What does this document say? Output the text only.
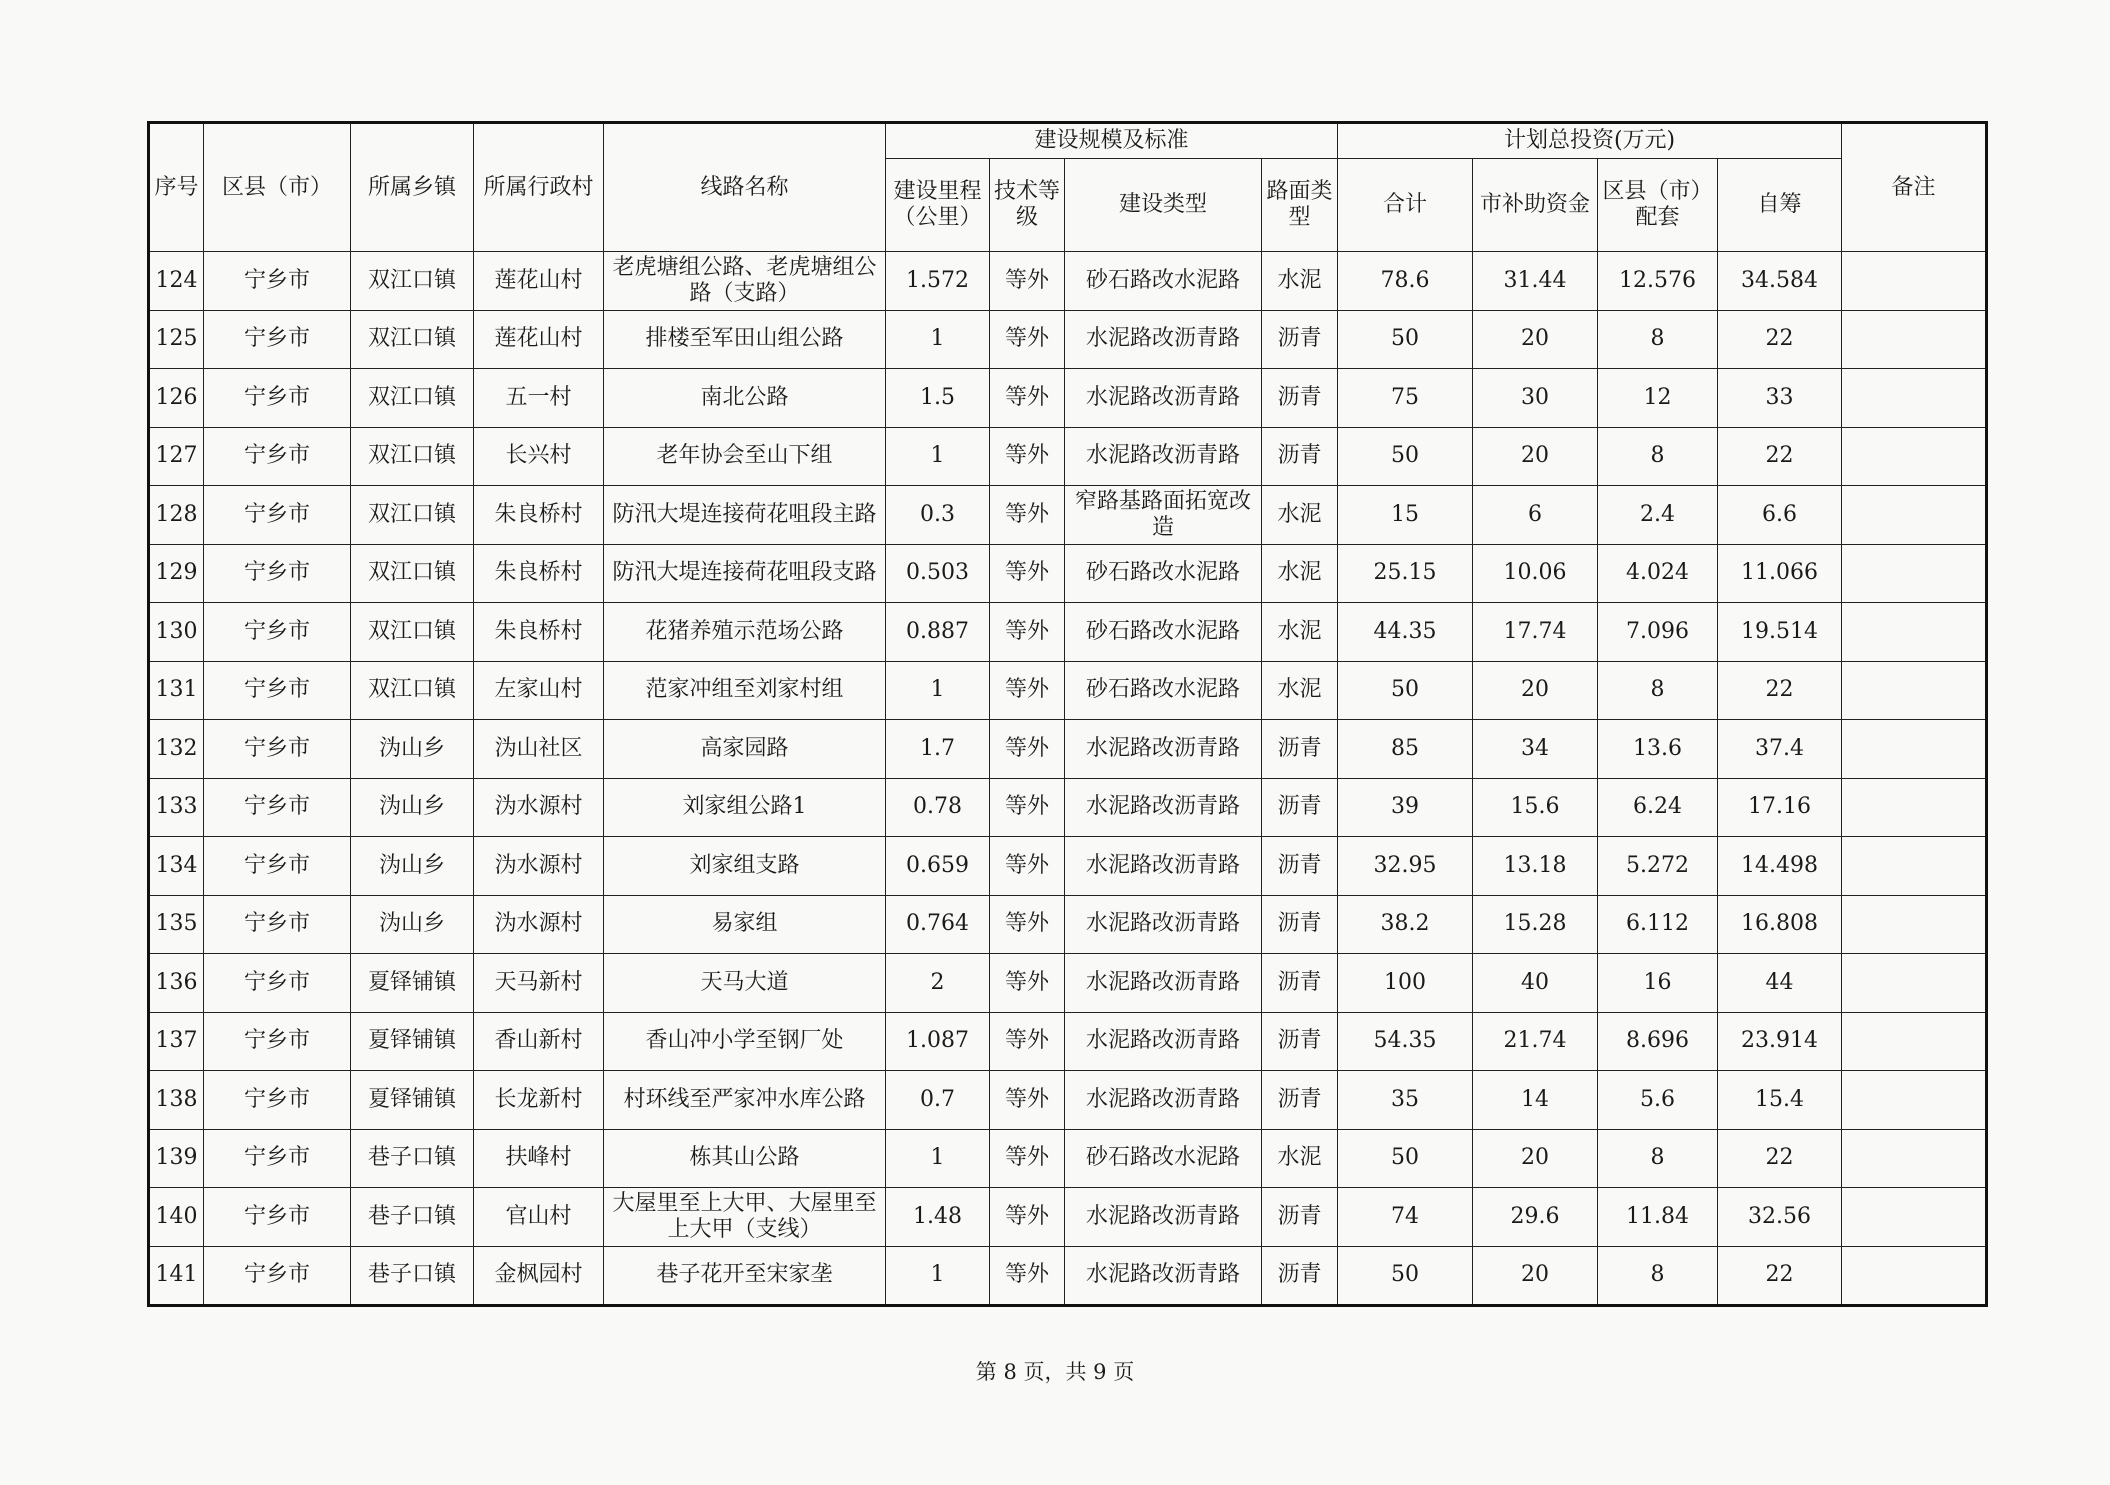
序号	区县（市）	所属乡镇	所属行政村	线路名称	建设规模及标准				计划总投资(万元)				备注
					建设里程（公里）	技术等级	建设类型	路面类型	合计	市补助资金	区县（市）配套	自筹	
124	宁乡市	双江口镇	莲花山村	老虎塘组公路、老虎塘组公路（支路）	1.572	等外	砂石路改水泥路	水泥	78.6	31.44	12.576	34.584	
125	宁乡市	双江口镇	莲花山村	排楼至军田山组公路	1	等外	水泥路改沥青路	沥青	50	20	8	22	
126	宁乡市	双江口镇	五一村	南北公路	1.5	等外	水泥路改沥青路	沥青	75	30	12	33	
127	宁乡市	双江口镇	长兴村	老年协会至山下组	1	等外	水泥路改沥青路	沥青	50	20	8	22	
128	宁乡市	双江口镇	朱良桥村	防汛大堤连接荷花咀段主路	0.3	等外	窄路基路面拓宽改造	水泥	15	6	2.4	6.6	
129	宁乡市	双江口镇	朱良桥村	防汛大堤连接荷花咀段支路	0.503	等外	砂石路改水泥路	水泥	25.15	10.06	4.024	11.066	
130	宁乡市	双江口镇	朱良桥村	花猪养殖示范场公路	0.887	等外	砂石路改水泥路	水泥	44.35	17.74	7.096	19.514	
131	宁乡市	双江口镇	左家山村	范家冲组至刘家村组	1	等外	砂石路改水泥路	水泥	50	20	8	22	
132	宁乡市	沩山乡	沩山社区	高家园路	1.7	等外	水泥路改沥青路	沥青	85	34	13.6	37.4	
133	宁乡市	沩山乡	沩水源村	刘家组公路1	0.78	等外	水泥路改沥青路	沥青	39	15.6	6.24	17.16	
134	宁乡市	沩山乡	沩水源村	刘家组支路	0.659	等外	水泥路改沥青路	沥青	32.95	13.18	5.272	14.498	
135	宁乡市	沩山乡	沩水源村	易家组	0.764	等外	水泥路改沥青路	沥青	38.2	15.28	6.112	16.808	
136	宁乡市	夏铎铺镇	天马新村	天马大道	2	等外	水泥路改沥青路	沥青	100	40	16	44	
137	宁乡市	夏铎铺镇	香山新村	香山冲小学至钢厂处	1.087	等外	水泥路改沥青路	沥青	54.35	21.74	8.696	23.914	
138	宁乡市	夏铎铺镇	长龙新村	村环线至严家冲水库公路	0.7	等外	水泥路改沥青路	沥青	35	14	5.6	15.4	
139	宁乡市	巷子口镇	扶峰村	栋其山公路	1	等外	砂石路改水泥路	水泥	50	20	8	22	
140	宁乡市	巷子口镇	官山村	大屋里至上大甲、大屋里至上大甲（支线）	1.48	等外	水泥路改沥青路	沥青	74	29.6	11.84	32.56	
141	宁乡市	巷子口镇	金枫园村	巷子花开至宋家垄	1	等外	水泥路改沥青路	沥青	50	20	8	22	
第 8 页，共 9 页
